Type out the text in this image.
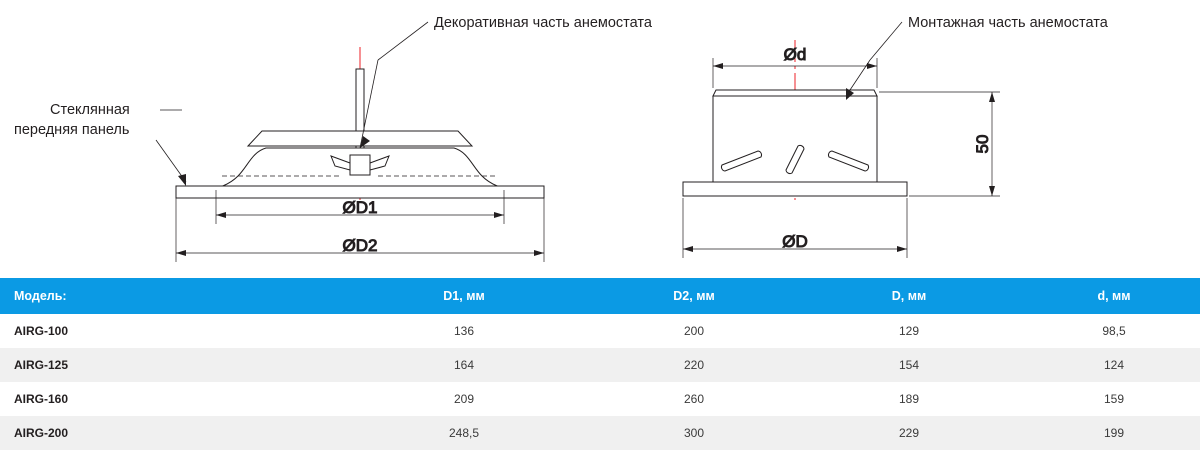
ØD1
ØD2
Декоративная часть анемостата
Стеклянная
передняя панель
Ød
ØD
50
Монтажная часть анемостата
Модель:	D1, мм	D2, мм	D, мм	d, мм
AIRG-100	136	200	129	98,5
AIRG-125	164	220	154	124
AIRG-160	209	260	189	159
AIRG-200	248,5	300	229	199
